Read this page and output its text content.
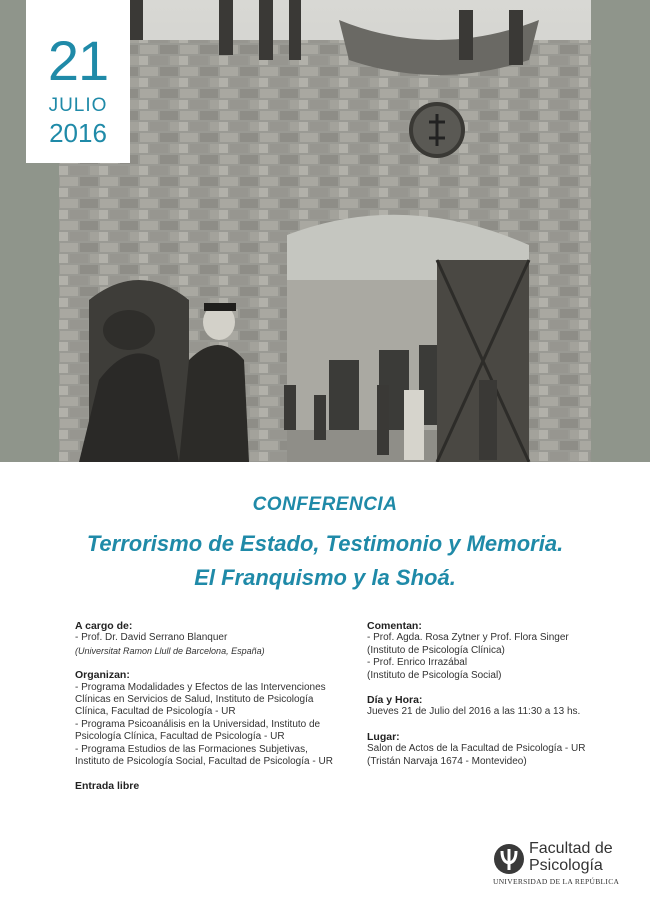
21
JULIO
2016
CONFERENCIA
Terrorismo de Estado, Testimonio y Memoria.
El Franquismo y la Shoá.
A cargo de:
- Prof. Dr. David Serrano Blanquer
(Universitat Ramon Llull de Barcelona, España)
Organizan:
- Programa Modalidades y Efectos de las Intervenciones
Clínicas en Servicios de Salud, Instituto de Psicología
Clínica, Facultad de Psicología - UR
- Programa Psicoanálisis en la Universidad, Instituto de
Psicología Clínica, Facultad de Psicología - UR
- Programa Estudios de las Formaciones Subjetivas,
Instituto de Psicología Social, Facultad de Psicología - UR
Entrada libre
Comentan:
- Prof. Agda. Rosa Zytner y Prof. Flora Singer
(Instituto de Psicología Clínica)
- Prof. Enrico Irrazábal
(Instituto de Psicología Social)
Día y Hora:
Jueves 21 de Julio del 2016 a las 11:30 a 13 hs.
Lugar:
Salon de Actos de la Facultad de Psicología - UR
(Tristán Narvaja 1674 - Montevideo)
Facultad de
Psicología
UNIVERSIDAD DE LA REPÚBLICA
